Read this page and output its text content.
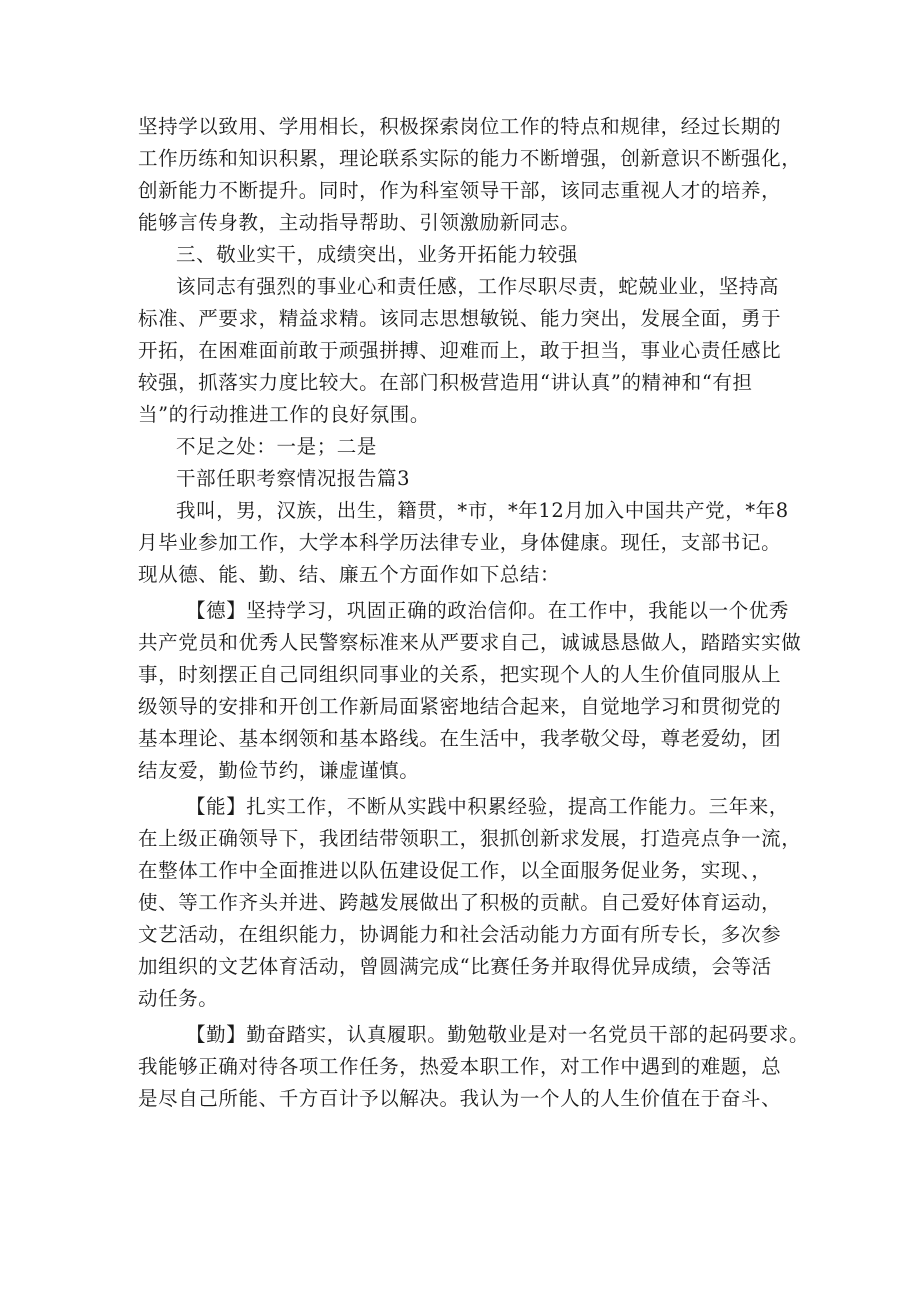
坚持学以致用、学用相长，积极探索岗位工作的特点和规律，经过长期的
工作历练和知识积累，理论联系实际的能力不断增强，创新意识不断强化，
创新能力不断提升。同时，作为科室领导干部，该同志重视人才的培养，
能够言传身教，主动指导帮助、引领激励新同志。
三、敬业实干，成绩突出，业务开拓能力较强
该同志有强烈的事业心和责任感，工作尽职尽责，蛇兢业业，坚持高
标准、严要求，精益求精。该同志思想敏锐、能力突出，发展全面，勇于
开拓，在困难面前敢于顽强拼搏、迎难而上，敢于担当，事业心责任感比
较强，抓落实力度比较大。在部门积极营造用“讲认真”的精神和“有担
当”的行动推进工作的良好氛围。
不足之处：一是；二是
干部任职考察情况报告篇3
我叫，男，汉族，出生，籍贯，*市，*年12月加入中国共产党，*年8
月毕业参加工作，大学本科学历法律专业，身体健康。现任，支部书记。
现从德、能、勤、结、廉五个方面作如下总结：
【德】坚持学习，巩固正确的政治信仰。在工作中，我能以一个优秀
共产党员和优秀人民警察标准来从严要求自己，诚诚恳恳做人，踏踏实实做
事，时刻摆正自己同组织同事业的关系，把实现个人的人生价值同服从上
级领导的安排和开创工作新局面紧密地结合起来，自觉地学习和贯彻党的
基本理论、基本纲领和基本路线。在生活中，我孝敬父母，尊老爱幼，团
结友爱，勤俭节约，谦虚谨慎。
【能】扎实工作，不断从实践中积累经验，提高工作能力。三年来，
在上级正确领导下，我团结带领职工，狠抓创新求发展，打造亮点争一流，
在整体工作中全面推进以队伍建设促工作，以全面服务促业务，实现、，
使、等工作齐头并进、跨越发展做出了积极的贡献。自己爱好体育运动，
文艺活动，在组织能力，协调能力和社会活动能力方面有所专长，多次参
加组织的文艺体育活动，曾圆满完成“比赛任务并取得优异成绩，会等活
动任务。
【勤】勤奋踏实，认真履职。勤勉敬业是对一名党员干部的起码要求。
我能够正确对待各项工作任务，热爱本职工作，对工作中遇到的难题，总
是尽自己所能、千方百计予以解决。我认为一个人的人生价值在于奋斗、
